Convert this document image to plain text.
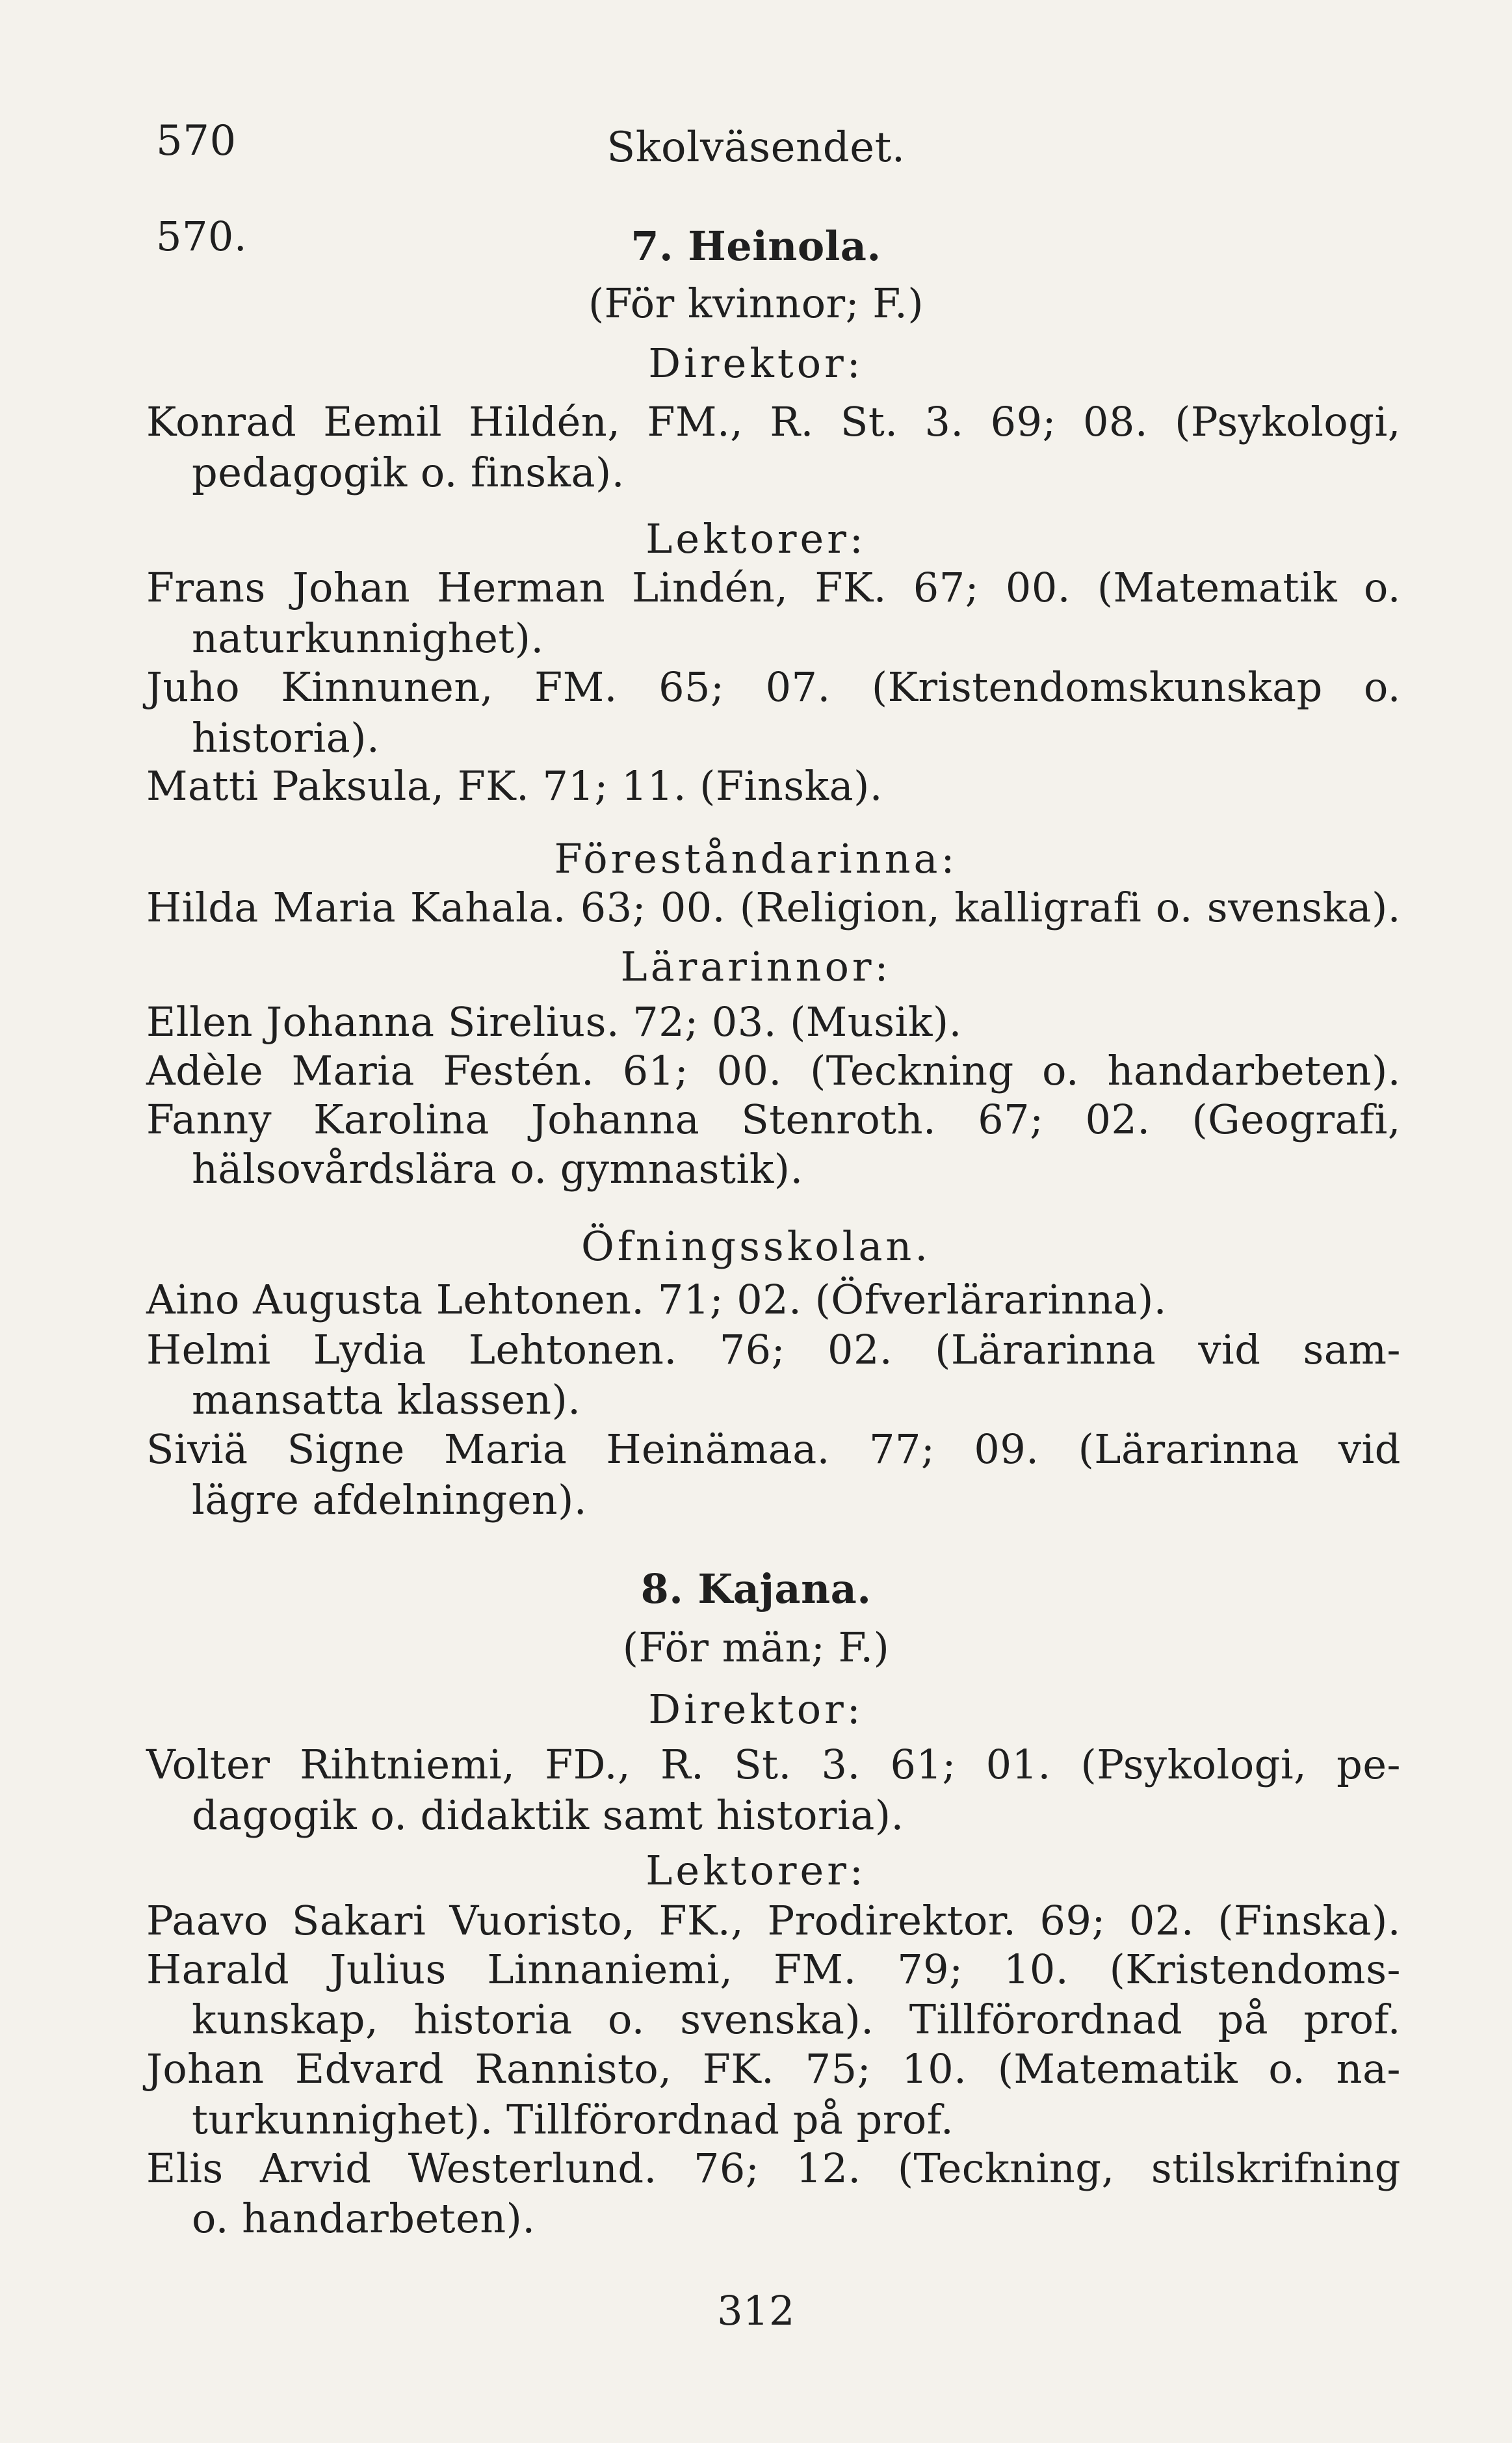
570	Skolväsendet.
570.	7. Heinola.
(För kvinnor; F.)
Direktor:
Konrad Eemil Hildén, FM., R. St. 3. 69; 08. (Psykologi,
pedagogik o. finska).
Lektorer:
Frans Johan Herman Lindén, FK. 67; 00. (Matematik o.
naturkunnighet).
Juho Kinnunen, FM. 65; 07. (Kristendomskunskap o.
historia).
Matti Paksula, FK. 71; 11. (Finska).
Föreståndarinna:
Hilda Maria Kahala. 63; 00. (Religion, kalligrafi o. svenska).
Lärarinnor:
Ellen Johanna Sirelius. 72; 03. (Musik).
Adèle Maria Festén. 61; 00. (Teckning o. handarbeten).
Fanny Karolina Johanna Stenroth. 67; 02. (Geografi,
hälsovårdslära o. gymnastik).
Öfningsskolan.
Aino Augusta Lehtonen. 71; 02. (Öfverlärarinna).
Helmi Lydia Lehtonen. 76; 02. (Lärarinna vid sam-
mansatta klassen).
Siviä Signe Maria Heinämaa. 77; 09. (Lärarinna vid
lägre afdelningen).
8. Kajana.
(För män; F.)
Direktor:
Volter Rihtniemi, FD., R. St. 3. 61; 01. (Psykologi, pe-
dagogik o. didaktik samt historia).
Lektorer:
Paavo Sakari Vuoristo, FK., Prodirektor. 69; 02. (Finska).
Harald Julius Linnaniemi, FM. 79; 10. (Kristendoms-
kunskap, historia o. svenska). Tillförordnad på prof.
Johan Edvard Rannisto, FK. 75; 10. (Matematik o. na-
turkunnighet). Tillförordnad på prof.
Elis Arvid Westerlund. 76; 12. (Teckning, stilskrifning
o. handarbeten).
312
